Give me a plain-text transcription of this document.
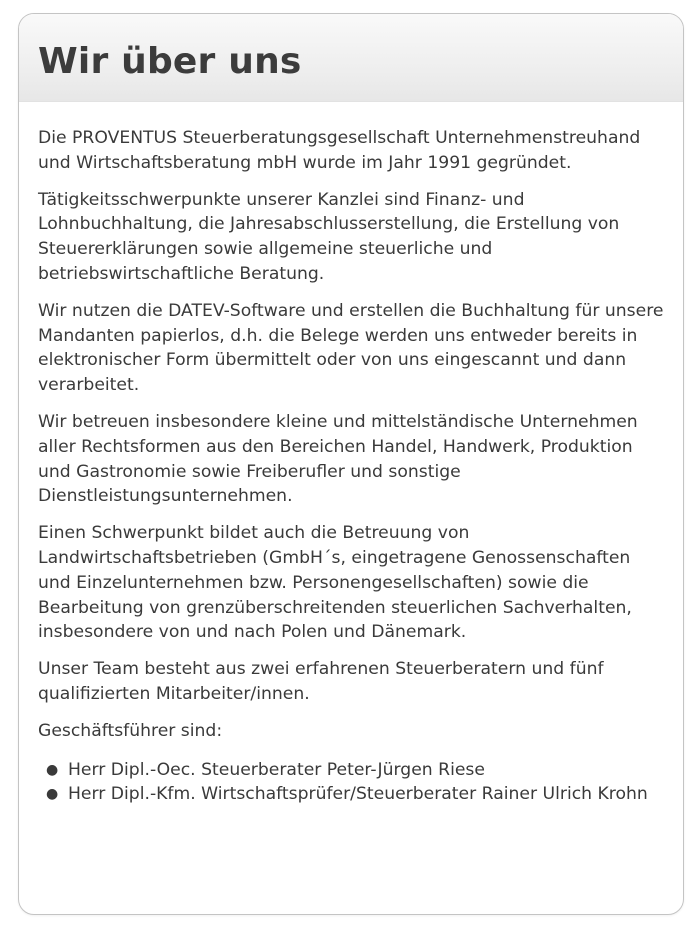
Wir über uns

Die PROVENTUS Steuerberatungsgesellschaft Unternehmenstreuhand und Wirtschaftsberatung mbH wurde im Jahr 1991 gegründet.

Tätigkeitsschwerpunkte unserer Kanzlei sind Finanz- und Lohnbuchhaltung, die Jahresabschlusserstellung, die Erstellung von Steuererklärungen sowie allgemeine steuerliche und betriebswirtschaftliche Beratung.

Wir nutzen die DATEV-Software und erstellen die Buchhaltung für unsere Mandanten papierlos, d.h. die Belege werden uns entweder bereits in elektronischer Form übermittelt oder von uns eingescannt und dann verarbeitet.

Wir betreuen insbesondere kleine und mittelständische Unternehmen aller Rechtsformen aus den Bereichen Handel, Handwerk, Produktion und Gastronomie sowie Freiberufler und sonstige Dienstleistungsunternehmen.

Einen Schwerpunkt bildet auch die Betreuung von Landwirtschaftsbetrieben (GmbH´s, eingetragene Genossenschaften und Einzelunternehmen bzw. Personengesellschaften) sowie die Bearbeitung von grenzüberschreitenden steuerlichen Sachverhalten, insbesondere von und nach Polen und Dänemark.

Unser Team besteht aus zwei erfahrenen Steuerberatern und fünf qualifizierten Mitarbeiter/innen.

Geschäftsführer sind:

● Herr Dipl.-Oec. Steuerberater Peter-Jürgen Riese
● Herr Dipl.-Kfm. Wirtschaftsprüfer/Steuerberater Rainer Ulrich Krohn
